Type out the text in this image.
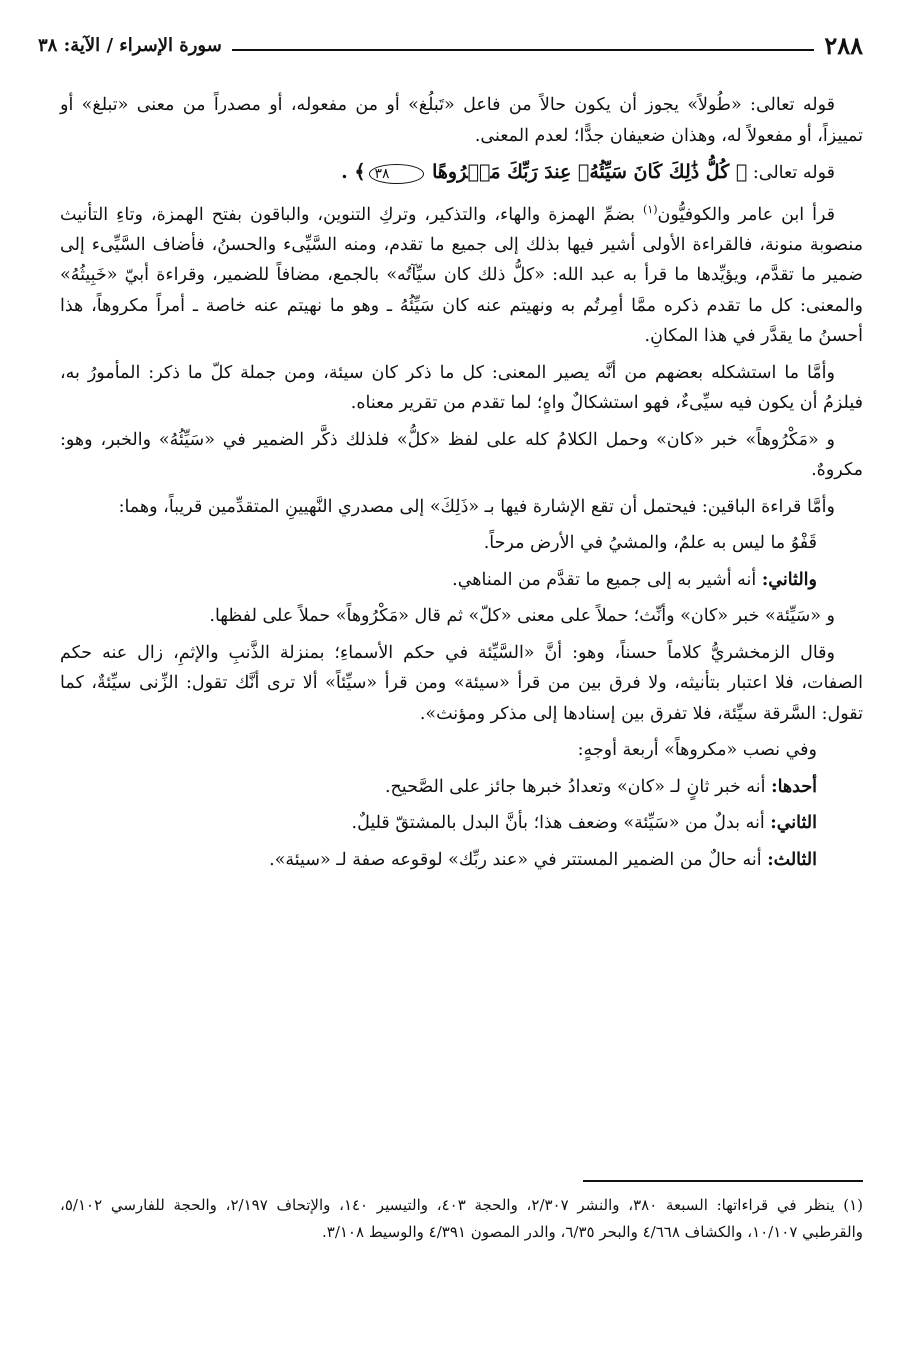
٢٨٨
سورة الإسراء / الآية: ٣٨

قوله تعالى: «طُولاً» يجوز أن يكون حالاً من فاعل «تَبلُغ» أو من مفعوله، أو مصدراً من معنى «تبلغ» أو تمييزاً، أو مفعولاً له، وهذان ضعيفان جدًّا؛ لعدم المعنى.

قوله تعالى: ﴿ كُلُّ ذَٰلِكَ كَانَ سَيِّئُهُۥ عِندَ رَبِّكَ مَكۡرُوهًا ٣٨﴾ .

قرأ ابن عامر والكوفيُّون$^{(١)}$ بضمِّ الهمزة والهاء، والتذكير، وتركِ التنوين، والباقون بفتح الهمزة، وتاءِ التأنيث منصوبة منونة، فالقراءة الأولى أشير فيها بذلك إلى جميع ما تقدم، ومنه السَّيِّىء والحسنُ، فأضاف السَّيِّىء إلى ضمير ما تقدَّم، ويؤيِّدها ما قرأ به عبد الله: «كلُّ ذلك كان سيِّآتُه» بالجمع، مضافاً للضمير، وقراءة أبيّ «خَبِيثُهُ» والمعنى: كل ما تقدم ذكره ممَّا أمِرتُم به ونهيتم عنه كان سَيِّئُهُ ـ وهو ما نهيتم عنه خاصة ـ أمراً مكروهاً، هذا أحسنُ ما يقدَّر في هذا المكانِ.

وأمَّا ما استشكله بعضهم من أنَّه يصير المعنى: كل ما ذكر كان سيئة، ومن جملة كلّ ما ذكر: المأمورُ به، فيلزمُ أن يكون فيه سيِّىءٌ، فهو استشكالٌ واهٍ؛ لما تقدم من تقرير معناه.

و «مَكْرُوهاً» خبر «كان» وحمل الكلامُ كله على لفظ «كلُّ» فلذلك ذكَّر الضمير في «سَيِّئُهُ» والخبر، وهو: مكروهٌ.

وأمَّا قراءة الباقين: فيحتمل أن تقع الإشارة فيها بـ «ذَلِكَ» إلى مصدري النَّهيينِ المتقدِّمين قريباً، وهما:

قَفْوُ ما ليس به علمٌ، والمشيُ في الأرض مرحاً.

والثاني: أنه أشير به إلى جميع ما تقدَّم من المناهي.

و «سَيِّئة» خبر «كان» وأنِّث؛ حملاً على معنى «كلّ» ثم قال «مَكْرُوهاً» حملاً على لفظها.

وقال الزمخشريُّ كلاماً حسناً، وهو: أنَّ «السَّيِّئة في حكم الأسماءِ؛ بمنزلة الذَّنبِ والإثمِ، زال عنه حكم الصفات، فلا اعتبار بتأنيثه، ولا فرق بين من قرأ «سيئة» ومن قرأ «سيِّئاً» ألا ترى أنَّك تقول: الزِّنى سيِّئةٌ، كما تقول: السَّرقة سيِّئة، فلا تفرق بين إسنادها إلى مذكر ومؤنث».

وفي نصب «مكروهاً» أربعة أوجهٍ:

أحدها: أنه خبر ثانٍ لـ «كان» وتعدادُ خبرها جائز على الصَّحيح.

الثاني: أنه بدلٌ من «سَيِّئة» وضعف هذا؛ بأنَّ البدل بالمشتقّ قليلٌ.

الثالث: أنه حالٌ من الضمير المستتر في «عند ربِّك» لوقوعه صفة لـ «سيئة».

(١) ينظر في قراءاتها: السبعة ٣٨٠، والنشر ٢/٣٠٧، والحجة ٤٠٣، والتيسير ١٤٠، والإتحاف ٢/١٩٧، والحجة للفارسي ٥/١٠٢، والقرطبي ١٠/١٠٧، والكشاف ٤/٦٦٨ والبحر ٦/٣٥، والدر المصون ٤/٣٩١ والوسيط ٣/١٠٨.
